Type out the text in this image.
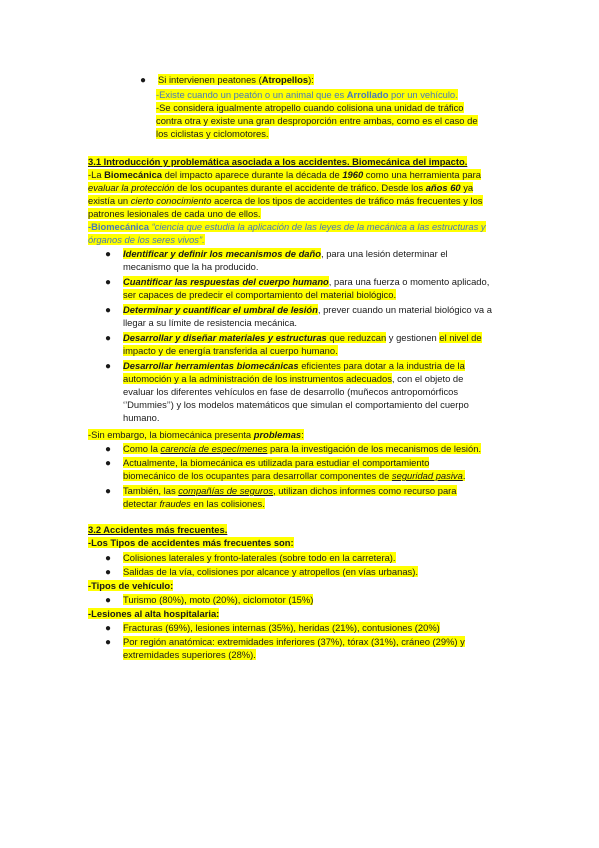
● Si intervienen peatones (Atropellos):
-Existe cuando un peatón o un animal que es Arrollado por un vehículo.
-Se considera igualmente atropello cuando colisiona una unidad de tráfico
contra otra y existe una gran desproporción entre ambas, como es el caso de
los ciclistas y ciclomotores.
3.1 Introducción y problemática asociada a los accidentes. Biomecánica del impacto.
-La Biomecánica del impacto aparece durante la década de 1960 como una herramienta para
evaluar la protección de los ocupantes durante el accidente de tráfico. Desde los años 60 ya
existía un cierto conocimiento acerca de los tipos de accidentes de tráfico más frecuentes y los
patrones lesionales de cada uno de ellos.
-Biomecánica “ciencia que estudia la aplicación de las leyes de la mecánica a las estructuras y
órganos de los seres vivos”.
● Identificar y definir los mecanismos de daño, para una lesión determinar el
mecanismo que la ha producido.
● Cuantificar las respuestas del cuerpo humano, para una fuerza o momento aplicado,
ser capaces de predecir el comportamiento del material biológico.
● Determinar y cuantificar el umbral de lesión, prever cuando un material biológico va a
llegar a su límite de resistencia mecánica.
● Desarrollar y diseñar materiales y estructuras que reduzcan y gestionen el nivel de
impacto y de energía transferida al cuerpo humano.
● Desarrollar herramientas biomecánicas eficientes para dotar a la industria de la
automoción y a la administración de los instrumentos adecuados, con el objeto de
evaluar los diferentes vehículos en fase de desarrollo (muñecos antropomórficos
‘’Dummies’’) y los modelos matemáticos que simulan el comportamiento del cuerpo
humano.
-Sin embargo, la biomecánica presenta problemas:
● Como la carencia de especímenes para la investigación de los mecanismos de lesión.
● Actualmente, la biomecánica es utilizada para estudiar el comportamiento
biomecánico de los ocupantes para desarrollar componentes de seguridad pasiva.
● También, las compañías de seguros, utilizan dichos informes como recurso para
detectar fraudes en las colisiones.
3.2 Accidentes más frecuentes.
-Los Tipos de accidentes más frecuentes son:
● Colisiones laterales y fronto-laterales (sobre todo en la carretera).
● Salidas de la vía, colisiones por alcance y atropellos (en vías urbanas).
-Tipos de vehículo:
● Turismo (80%), moto (20%), ciclomotor (15%)
-Lesiones al alta hospitalaria:
● Fracturas (69%), lesiones internas (35%), heridas (21%), contusiones (20%)
● Por región anatómica: extremidades inferiores (37%), tórax (31%), cráneo (29%) y
extremidades superiores (28%).
